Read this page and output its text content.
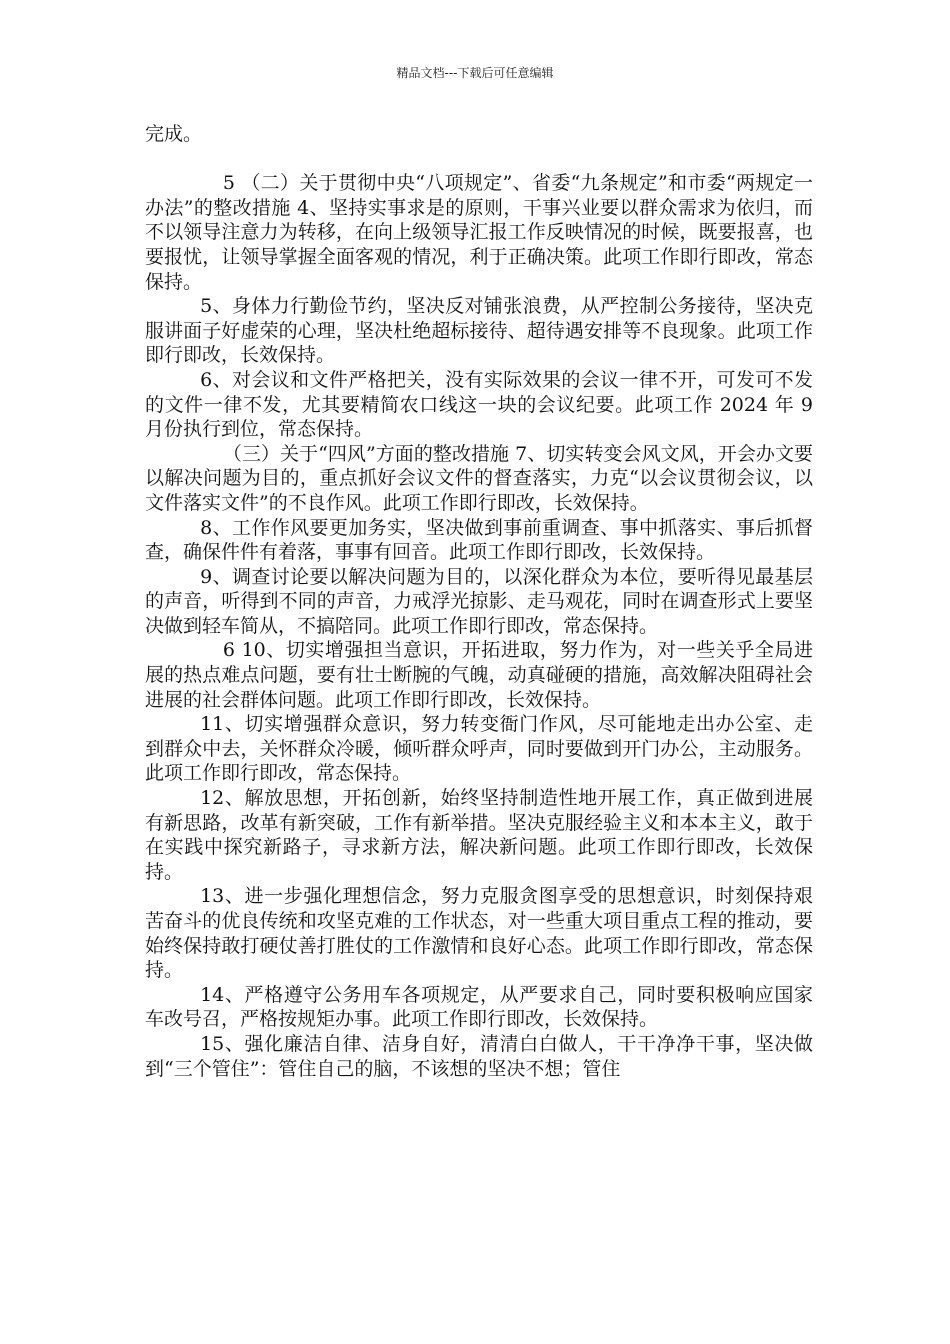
精品文档---下载后可任意编辑

完成。

5 （二）关于贯彻中央“八项规定”、省委“九条规定”和市委“两规定一办法”的整改措施 4、坚持实事求是的原则，干事兴业要以群众需求为依归，而不以领导注意力为转移，在向上级领导汇报工作反映情况的时候，既要报喜，也要报忧，让领导掌握全面客观的情况，利于正确决策。此项工作即行即改，常态保持。

5、身体力行勤俭节约，坚决反对铺张浪费，从严控制公务接待，坚决克服讲面子好虚荣的心理，坚决杜绝超标接待、超待遇安排等不良现象。此项工作即行即改，长效保持。

6、对会议和文件严格把关，没有实际效果的会议一律不开，可发可不发的文件一律不发，尤其要精简农口线这一块的会议纪要。此项工作 2024 年 9 月份执行到位，常态保持。

（三）关于“四风”方面的整改措施 7、切实转变会风文风，开会办文要以解决问题为目的，重点抓好会议文件的督查落实，力克“以会议贯彻会议，以文件落实文件”的不良作风。此项工作即行即改，长效保持。

8、工作作风要更加务实，坚决做到事前重调查、事中抓落实、事后抓督查，确保件件有着落，事事有回音。此项工作即行即改，长效保持。

9、调查讨论要以解决问题为目的，以深化群众为本位，要听得见最基层的声音，听得到不同的声音，力戒浮光掠影、走马观花，同时在调查形式上要坚决做到轻车简从，不搞陪同。此项工作即行即改，常态保持。

6 10、切实增强担当意识，开拓进取，努力作为，对一些关乎全局进展的热点难点问题，要有壮士断腕的气魄，动真碰硬的措施，高效解决阻碍社会进展的社会群体问题。此项工作即行即改，长效保持。

11、切实增强群众意识，努力转变衙门作风，尽可能地走出办公室、走到群众中去，关怀群众冷暖，倾听群众呼声，同时要做到开门办公，主动服务。此项工作即行即改，常态保持。

12、解放思想，开拓创新，始终坚持制造性地开展工作，真正做到进展有新思路，改革有新突破，工作有新举措。坚决克服经验主义和本本主义，敢于在实践中探究新路子，寻求新方法，解决新问题。此项工作即行即改，长效保持。

13、进一步强化理想信念，努力克服贪图享受的思想意识，时刻保持艰苦奋斗的优良传统和攻坚克难的工作状态，对一些重大项目重点工程的推动，要始终保持敢打硬仗善打胜仗的工作激情和良好心态。此项工作即行即改，常态保持。

14、严格遵守公务用车各项规定，从严要求自己，同时要积极响应国家车改号召，严格按规矩办事。此项工作即行即改，长效保持。

15、强化廉洁自律、洁身自好，清清白白做人，干干净净干事，坚决做到“三个管住”：管住自己的脑，不该想的坚决不想；管住
